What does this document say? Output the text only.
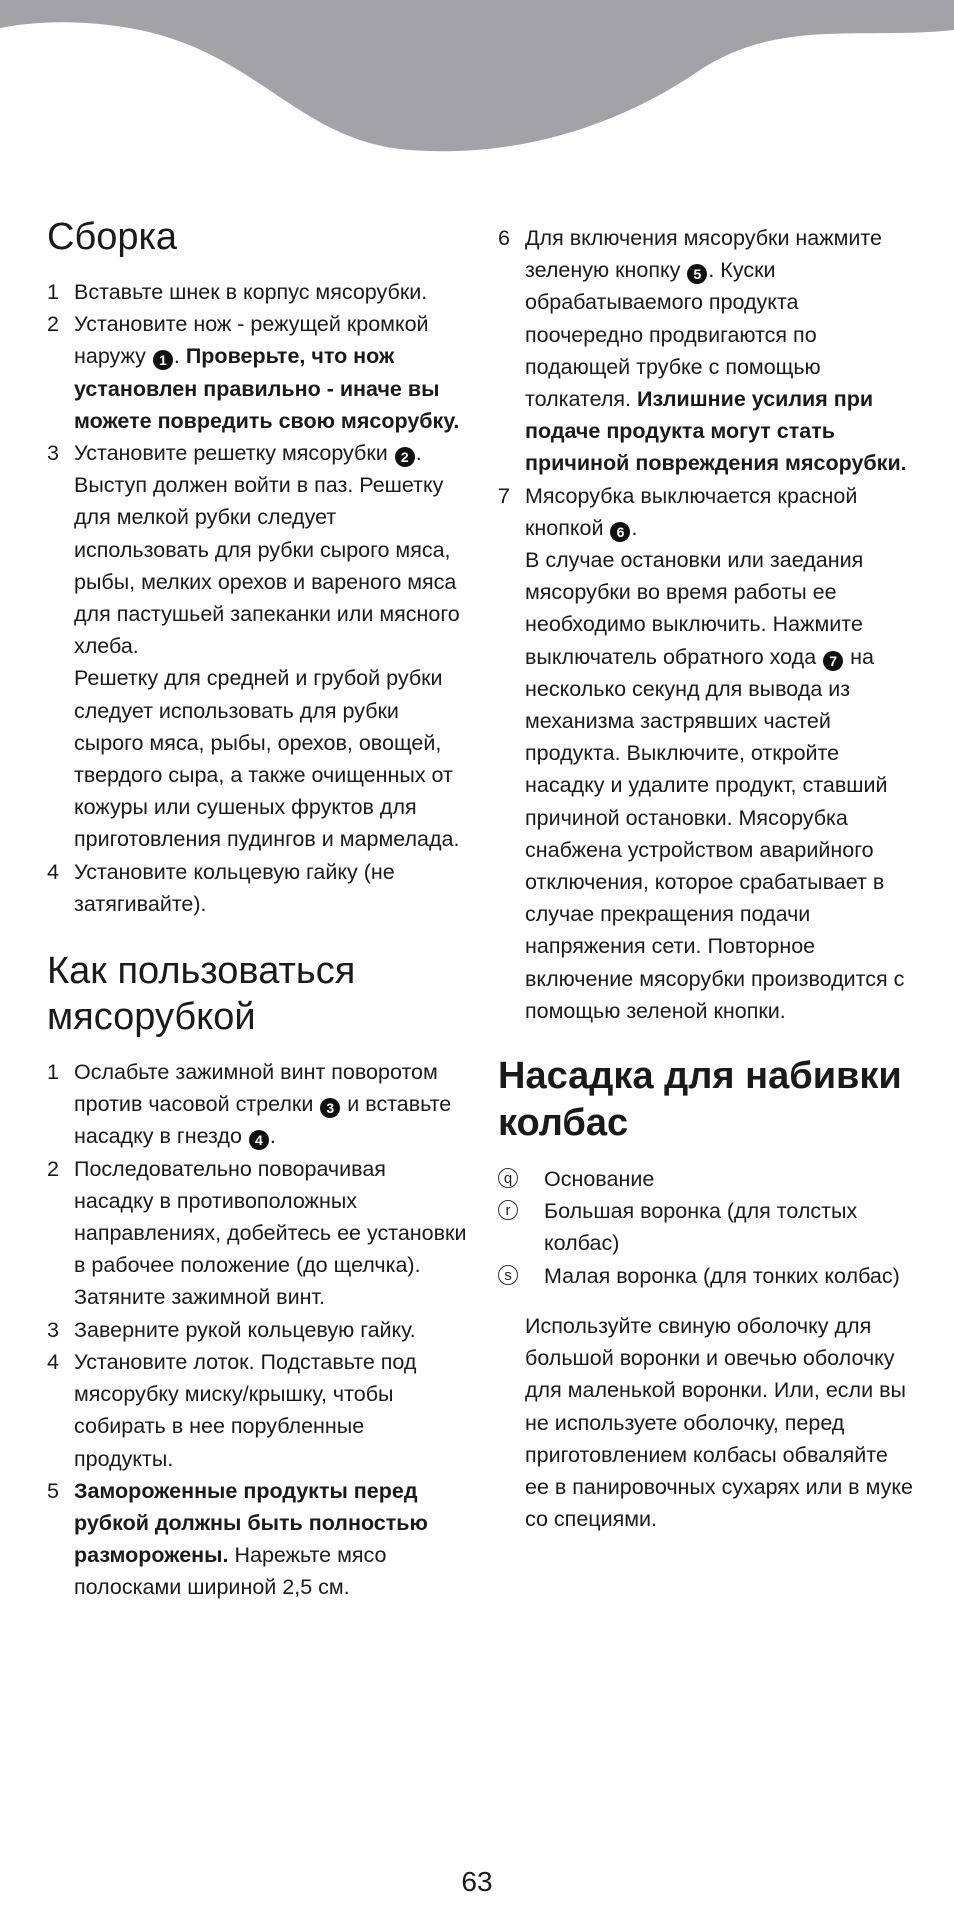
Сборка
1 Вставьте шнек в корпус мясорубки.
2 Установите нож - режущей кромкой наружу 1 . Проверьте, что нож установлен правильно - иначе вы можете повредить свою мясорубку.
3 Установите решетку мясорубки 2 . Выступ должен войти в паз. Решетку для мелкой рубки следует использовать для рубки сырого мяса, рыбы, мелких орехов и вареного мяса для пастушьей запеканки или мясного хлеба.
Решетку для средней и грубой рубки следует использовать для рубки сырого мяса, рыбы, орехов, овощей, твердого сыра, а также очищенных от кожуры или сушеных фруктов для приготовления пудингов и мармелада.
4 Установите кольцевую гайку (не затягивайте).
Как пользоваться мясорубкой
1 Ослабьте зажимной винт поворотом против часовой стрелки 3 и вставьте насадку в гнездо 4 .
2 Последовательно поворачивая насадку в противоположных направлениях, добейтесь ее установки в рабочее положение (до щелчка). Затяните зажимной винт.
3 Заверните рукой кольцевую гайку.
4 Установите лоток. Подставьте под мясорубку миску/крышку, чтобы собирать в нее порубленные продукты.
5 Замороженные продукты перед рубкой должны быть полностью разморожены. Нарежьте мясо полосками шириной 2,5 см.
6 Для включения мясорубки нажмите зеленую кнопку 5 . Куски обрабатываемого продукта поочередно продвигаются по подающей трубке с помощью толкателя. Излишние усилия при подаче продукта могут стать причиной повреждения мясорубки.
7 Мясорубка выключается красной кнопкой 6 .
В случае остановки или заедания мясорубки во время работы ее необходимо выключить. Нажмите выключатель обратного хода 7 на несколько секунд для вывода из механизма застрявших частей продукта. Выключите, откройте насадку и удалите продукт, ставший причиной остановки. Мясорубка снабжена устройством аварийного отключения, которое срабатывает в случае прекращения подачи напряжения сети. Повторное включение мясорубки производится с помощью зеленой кнопки.
Насадка для набивки колбас
q Основание
r	Большая воронка (для толстых колбас)
s Малая воронка (для тонких колбас)

Используйте свиную оболочку для большой воронки и овечью оболочку для маленькой воронки. Или, если вы не используете оболочку, перед приготовлением колбасы обваляйте ее в панировочных сухарях или в муке со специями.

63
